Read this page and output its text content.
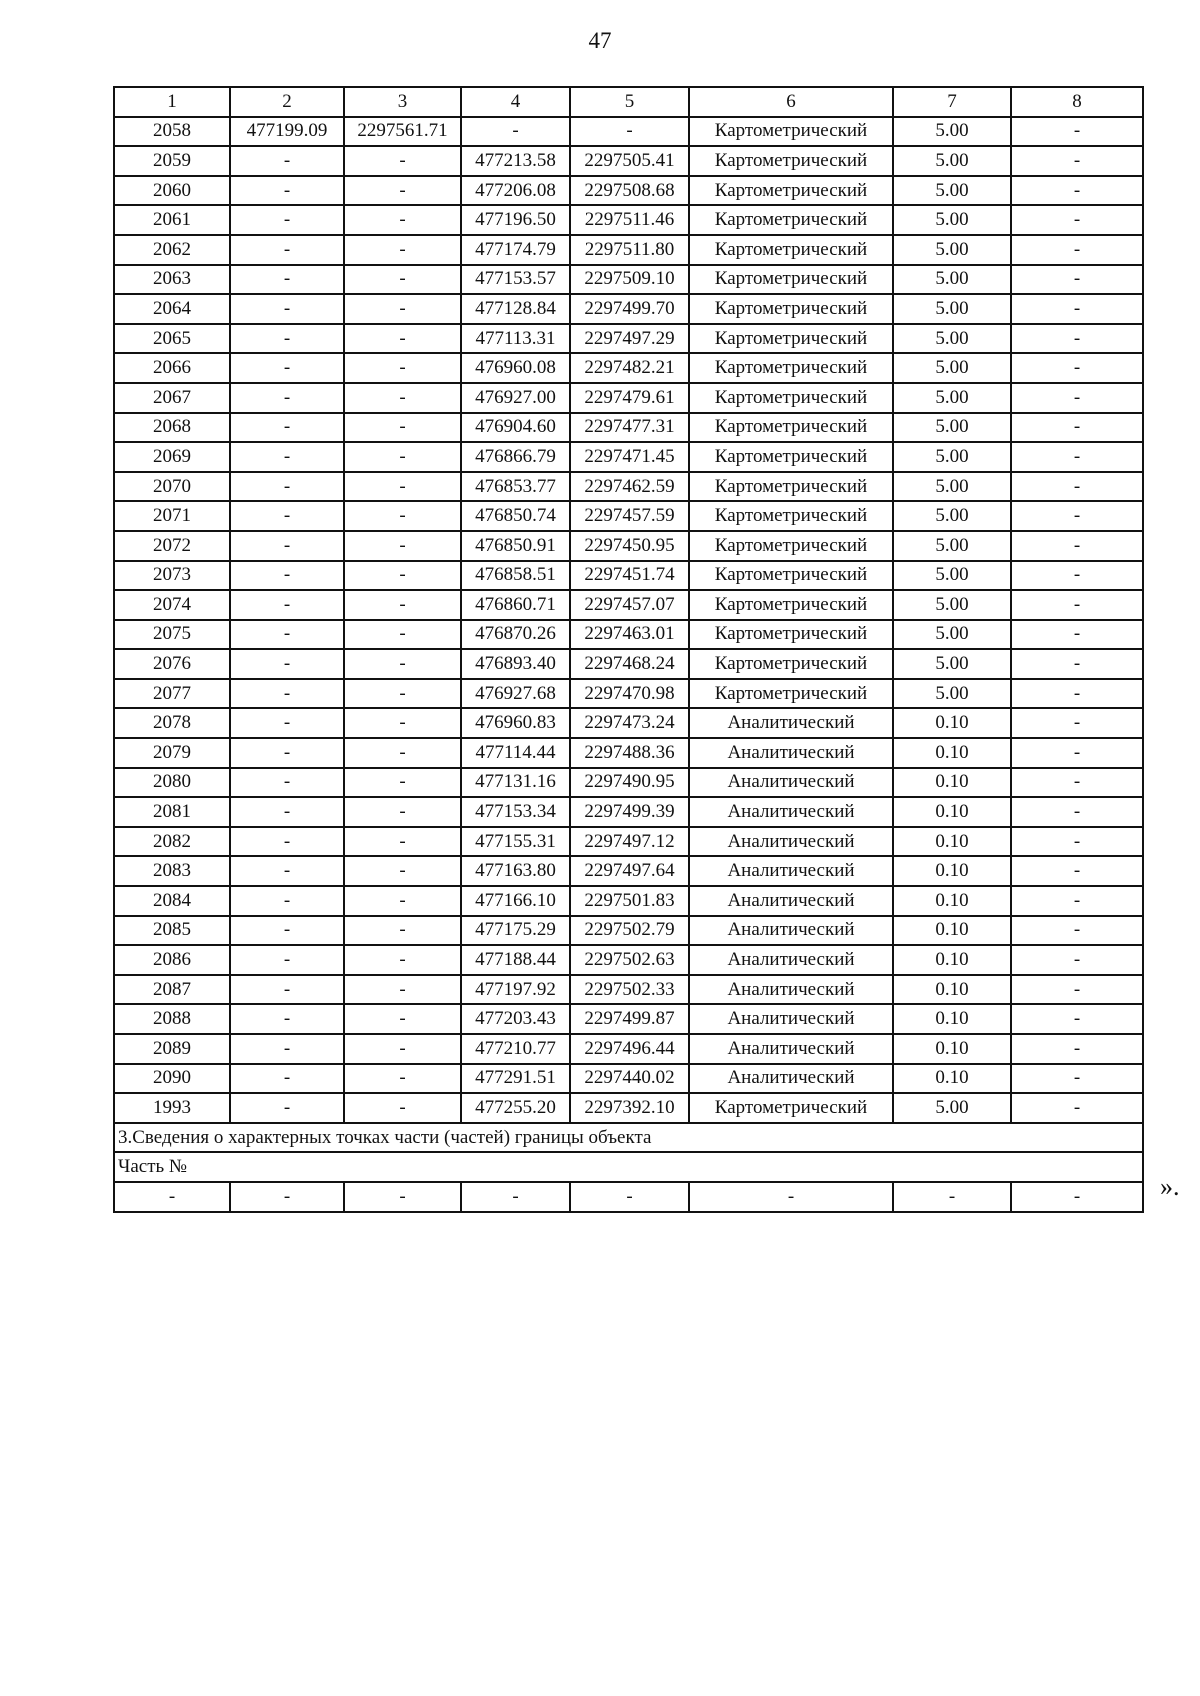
47
1	2	3	4	5	6	7	8
2058	477199.09	2297561.71	-	-	Картометрический	5.00	-
2059	-	-	477213.58	2297505.41	Картометрический	5.00	-
2060	-	-	477206.08	2297508.68	Картометрический	5.00	-
2061	-	-	477196.50	2297511.46	Картометрический	5.00	-
2062	-	-	477174.79	2297511.80	Картометрический	5.00	-
2063	-	-	477153.57	2297509.10	Картометрический	5.00	-
2064	-	-	477128.84	2297499.70	Картометрический	5.00	-
2065	-	-	477113.31	2297497.29	Картометрический	5.00	-
2066	-	-	476960.08	2297482.21	Картометрический	5.00	-
2067	-	-	476927.00	2297479.61	Картометрический	5.00	-
2068	-	-	476904.60	2297477.31	Картометрический	5.00	-
2069	-	-	476866.79	2297471.45	Картометрический	5.00	-
2070	-	-	476853.77	2297462.59	Картометрический	5.00	-
2071	-	-	476850.74	2297457.59	Картометрический	5.00	-
2072	-	-	476850.91	2297450.95	Картометрический	5.00	-
2073	-	-	476858.51	2297451.74	Картометрический	5.00	-
2074	-	-	476860.71	2297457.07	Картометрический	5.00	-
2075	-	-	476870.26	2297463.01	Картометрический	5.00	-
2076	-	-	476893.40	2297468.24	Картометрический	5.00	-
2077	-	-	476927.68	2297470.98	Картометрический	5.00	-
2078	-	-	476960.83	2297473.24	Аналитический	0.10	-
2079	-	-	477114.44	2297488.36	Аналитический	0.10	-
2080	-	-	477131.16	2297490.95	Аналитический	0.10	-
2081	-	-	477153.34	2297499.39	Аналитический	0.10	-
2082	-	-	477155.31	2297497.12	Аналитический	0.10	-
2083	-	-	477163.80	2297497.64	Аналитический	0.10	-
2084	-	-	477166.10	2297501.83	Аналитический	0.10	-
2085	-	-	477175.29	2297502.79	Аналитический	0.10	-
2086	-	-	477188.44	2297502.63	Аналитический	0.10	-
2087	-	-	477197.92	2297502.33	Аналитический	0.10	-
2088	-	-	477203.43	2297499.87	Аналитический	0.10	-
2089	-	-	477210.77	2297496.44	Аналитический	0.10	-
2090	-	-	477291.51	2297440.02	Аналитический	0.10	-
1993	-	-	477255.20	2297392.10	Картометрический	5.00	-
3.Сведения о характерных точках части (частей) границы объекта							
Часть №							
-	-	-	-	-	-	-	-	».
